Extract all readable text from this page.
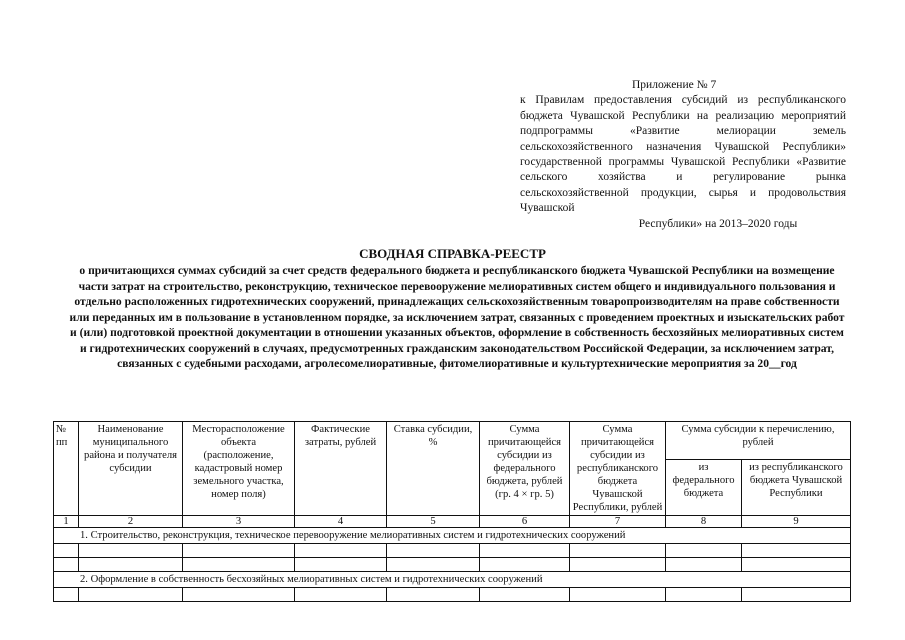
Приложение № 7
к Правилам предоставления субсидий из республиканского бюджета Чувашской Республики на реализацию мероприятий подпрограммы «Развитие мелиорации земель сельскохозяйственного назначения Чувашской Республики» государственной программы Чувашской Республики «Развитие сельского хозяйства и регулирование рынка сельскохозяйственной продукции, сырья и продовольствия Чувашской
Республики» на 2013–2020 годы
СВОДНАЯ СПРАВКА-РЕЕСТР
о причитающихся суммах субсидий за счет средств федерального бюджета и республиканского бюджета Чувашской Республики на возмещение части затрат на строительство, реконструкцию, техническое перевооружение мелиоративных систем общего и индивидуального пользования и отдельно расположенных гидротехнических сооружений, принадлежащих сельскохозяйственным товаропроизводителям на праве собственности или переданных им в пользование в установленном порядке, за исключением затрат, связанных с проведением проектных и изыскательских работ и (или) подготовкой проектной документации в отношении указанных объектов, оформление в собственность бесхозяйных мелиоративных систем и гидротехнических сооружений в случаях, предусмотренных гражданским законодательством Российской Федерации, за исключением затрат, связанных с судебными расходами, агролесомелиоративные, фитомелиоративные и культуртехнические мероприятия за 20__год
№ пп	Наименование муниципального района и получателя субсидии	Месторасположение объекта (расположение, кадастровый номер земельного участка, номер поля)	Фактические затраты, рублей	Ставка субсидии, %	Сумма причитающейся субсидии из федерального бюджета, рублей (гр. 4 × гр. 5)	Сумма причитающейся субсидии из республиканского бюджета Чувашской Республики, рублей	Сумма субсидии к перечислению, рублей	
							из федерального бюджета	из республиканского бюджета Чувашской Республики
1	2	3	4	5	6	7	8	9
1. Строительство, реконструкция, техническое перевооружение мелиоративных систем и гидротехнических сооружений								

2. Оформление в собственность бесхозяйных мелиоративных систем и гидротехнических сооружений								
